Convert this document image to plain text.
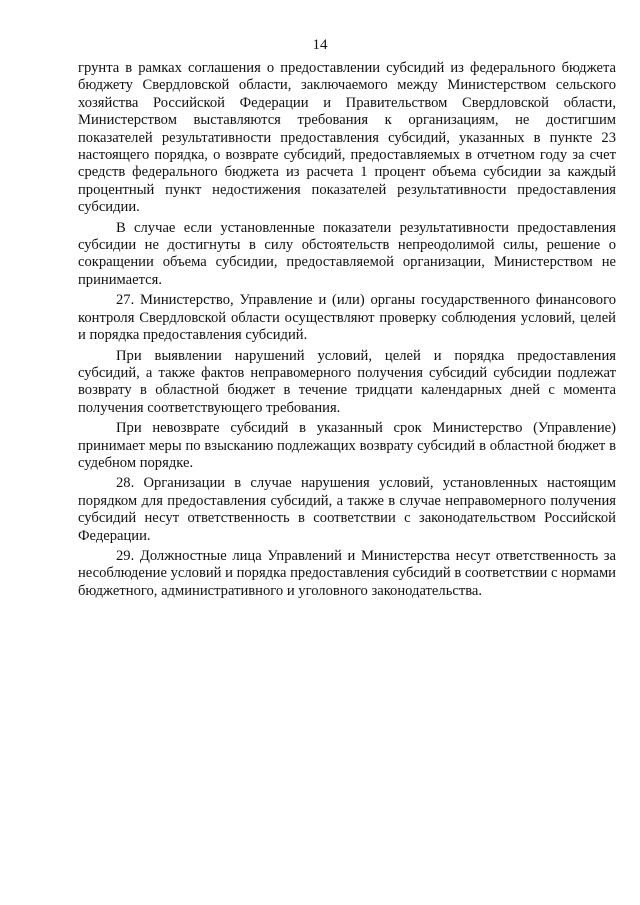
14

грунта в рамках соглашения о предоставлении субсидий из федерального бюджета бюджету Свердловской области, заключаемого между Министерством сельского хозяйства Российской Федерации и Правительством Свердловской области, Министерством выставляются требования к организациям, не достигшим показателей результативности предоставления субсидий, указанных в пункте 23 настоящего порядка, о возврате субсидий, предоставляемых в отчетном году за счет средств федерального бюджета из расчета 1 процент объема субсидии за каждый процентный пункт недостижения показателей результативности предоставления субсидии.

В случае если установленные показатели результативности предоставления субсидии не достигнуты в силу обстоятельств непреодолимой силы, решение о сокращении объема субсидии, предоставляемой организации, Министерством не принимается.

27. Министерство, Управление и (или) органы государственного финансового контроля Свердловской области осуществляют проверку соблюдения условий, целей и порядка предоставления субсидий.

При выявлении нарушений условий, целей и порядка предоставления субсидий, а также фактов неправомерного получения субсидий субсидии подлежат возврату в областной бюджет в течение тридцати календарных дней с момента получения соответствующего требования.

При невозврате субсидий в указанный срок Министерство (Управление) принимает меры по взысканию подлежащих возврату субсидий в областной бюджет в судебном порядке.

28. Организации в случае нарушения условий, установленных настоящим порядком для предоставления субсидий, а также в случае неправомерного получения субсидий несут ответственность в соответствии с законодательством Российской Федерации.

29. Должностные лица Управлений и Министерства несут ответственность за несоблюдение условий и порядка предоставления субсидий в соответствии с нормами бюджетного, административного и уголовного законодательства.
